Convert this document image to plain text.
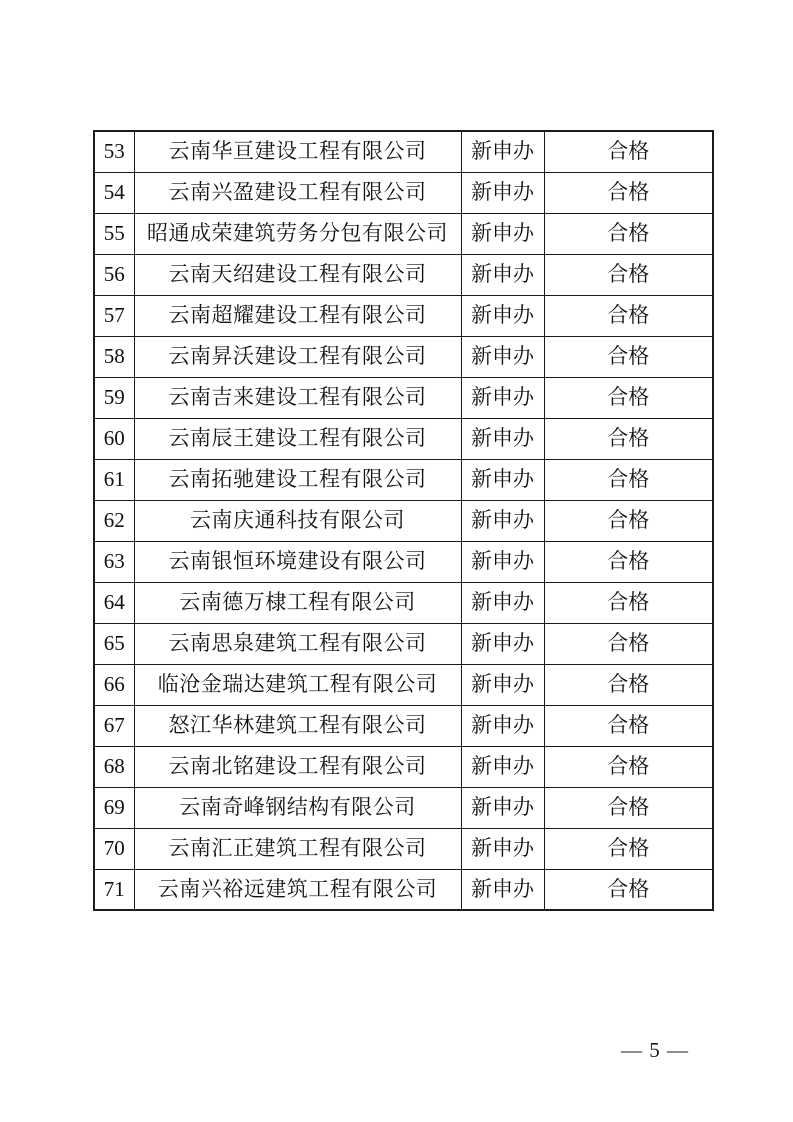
53	云南华亘建设工程有限公司	新申办	合格
54	云南兴盈建设工程有限公司	新申办	合格
55	昭通成荣建筑劳务分包有限公司	新申办	合格
56	云南天绍建设工程有限公司	新申办	合格
57	云南超耀建设工程有限公司	新申办	合格
58	云南昇沃建设工程有限公司	新申办	合格
59	云南吉来建设工程有限公司	新申办	合格
60	云南辰王建设工程有限公司	新申办	合格
61	云南拓驰建设工程有限公司	新申办	合格
62	云南庆通科技有限公司	新申办	合格
63	云南银恒环境建设有限公司	新申办	合格
64	云南德万棣工程有限公司	新申办	合格
65	云南思泉建筑工程有限公司	新申办	合格
66	临沧金瑞达建筑工程有限公司	新申办	合格
67	怒江华林建筑工程有限公司	新申办	合格
68	云南北铭建设工程有限公司	新申办	合格
69	云南奇峰钢结构有限公司	新申办	合格
70	云南汇正建筑工程有限公司	新申办	合格
71	云南兴裕远建筑工程有限公司	新申办	合格
— 5 —
